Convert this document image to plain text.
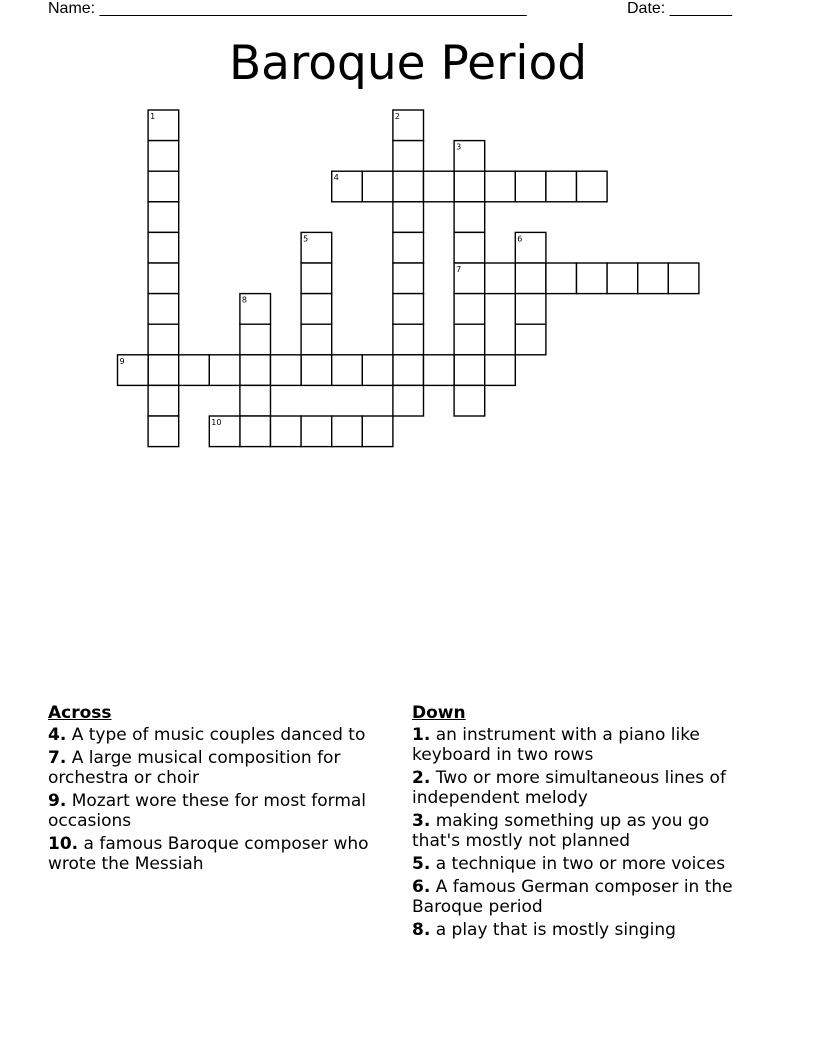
Name: ________________________________________________	Date: _______
Baroque Period
1	2
3
7
4
5	6
8
9
10
Across
4. A type of music couples danced to
7. A large musical composition for orchestra or choir
9. Mozart wore these for most formal occasions
10. a famous Baroque composer who wrote the Messiah
Down
1. an instrument with a piano like keyboard in two rows
2. Two or more simultaneous lines of independent melody
3. making something up as you go that's mostly not planned
5. a technique in two or more voices
6. A famous German composer in the Baroque period
8. a play that is mostly singing
